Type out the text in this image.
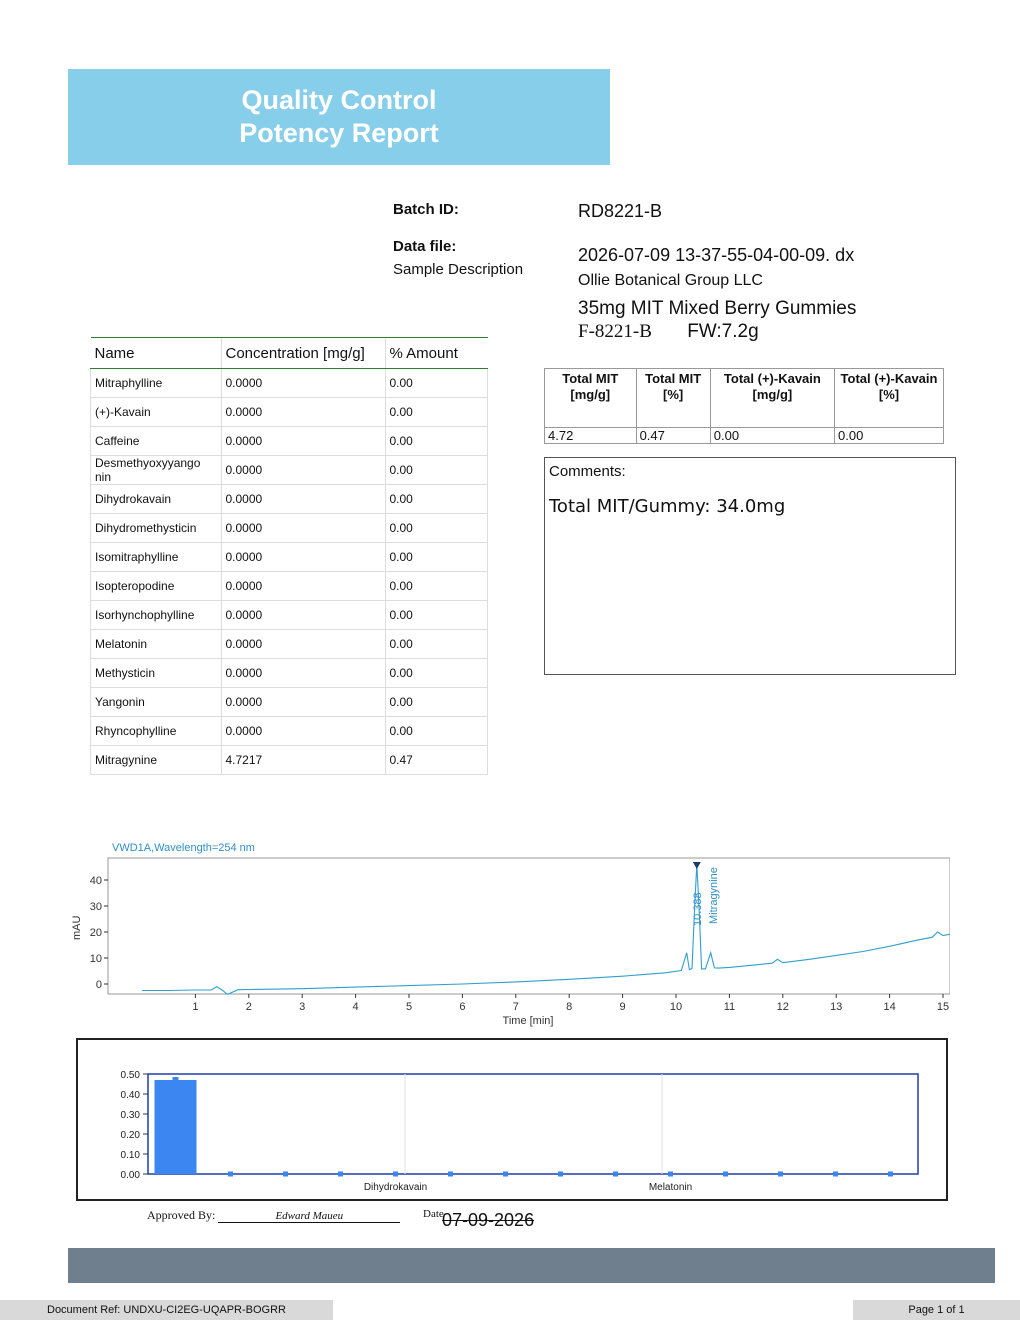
Quality Control
Potency Report
Batch ID:	RD8221-B
Data file:	2026-07-09 13-37-55-04-00-09. dx
Sample Description
Ollie Botanical Group LLC
35mg MIT Mixed Berry Gummies
F-8221-B FW:7.2g
Name	Concentration [mg/g]	% Amount
Mitraphylline	0.0000	0.00
(+)-Kavain	0.0000	0.00
Caffeine	0.0000	0.00
Desmethyoxyyango
nin	0.0000	0.00
Dihydrokavain	0.0000	0.00
Dihydromethysticin	0.0000	0.00
Isomitraphylline	0.0000	0.00
Isopteropodine	0.0000	0.00
Isorhynchophylline	0.0000	0.00
Melatonin	0.0000	0.00
Methysticin	0.0000	0.00
Yangonin	0.0000	0.00
Rhyncophylline	0.0000	0.00
Mitragynine	4.7217	0.47
Total MIT [mg/g]	Total MIT [%]	Total (+)-Kavain [mg/g]	Total (+)-Kavain [%]
4.72	0.47	0.00	0.00
Comments:
Total MIT/Gummy: 34.0mg
VWD1A,Wavelength=254 nm
mAU
Time [min]
1	2	3	4	5	6	7	8	9	10	11	12	13	14	15
0
10
20
30
40
10.388 Mitragynine
0.00
0.10
0.20
0.30
0.40
0.50
Dihydrokavain	Melatonin
Approved By:	Edward Maueu	Date
07-09-2026
Document Ref: UNDXU-CI2EG-UQAPR-BOGRR	Page 1 of 1
